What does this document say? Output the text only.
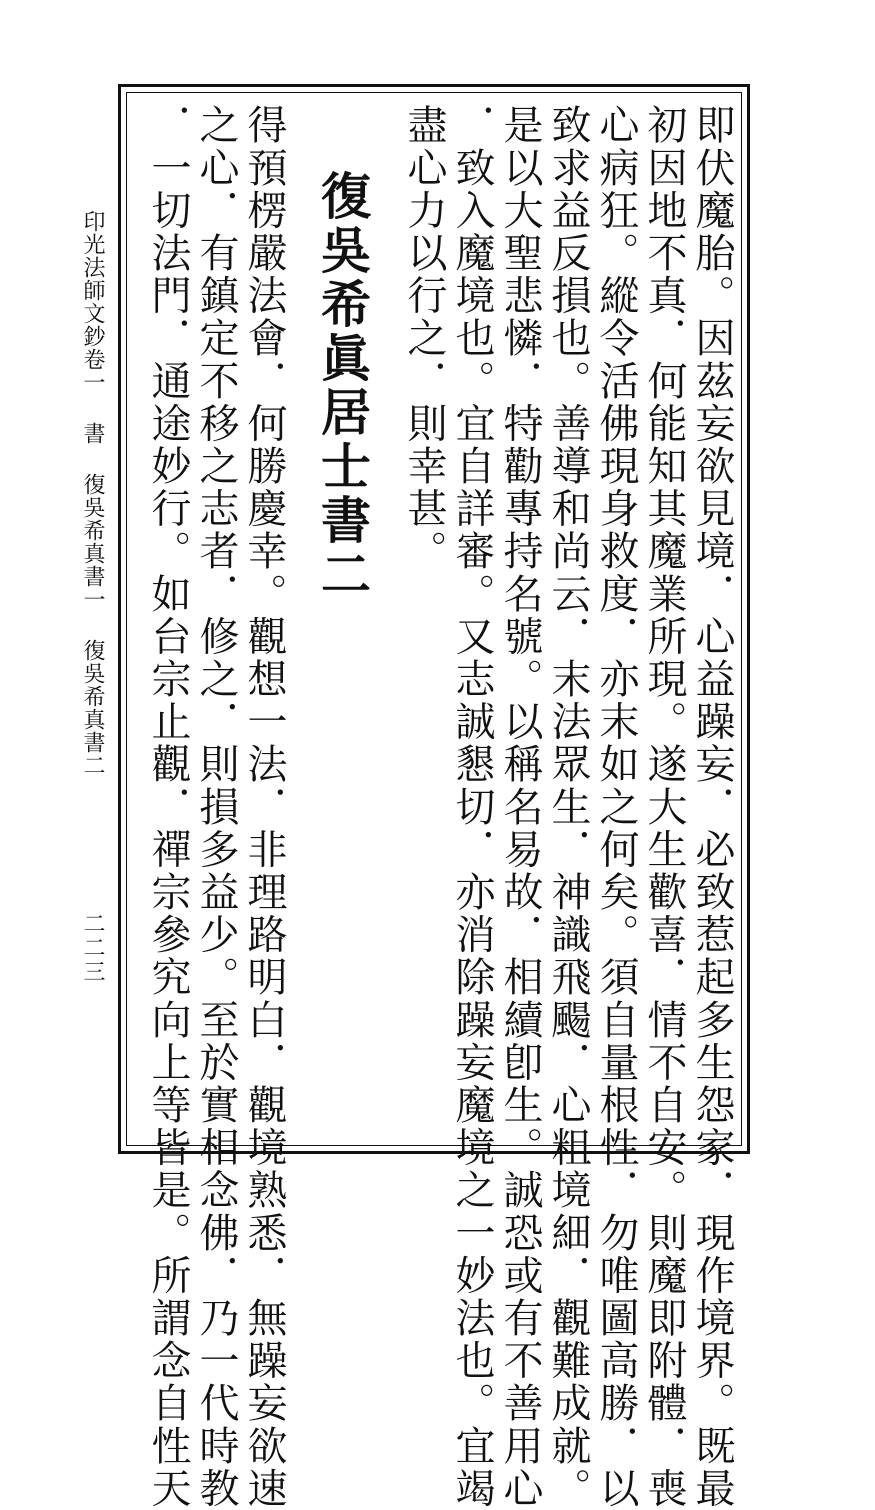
即伏魔胎。因茲妄欲見境．心益躁妄．必致惹起多生怨家．現作境界。既最
初因地不真．何能知其魔業所現。遂大生歡喜．情不自安。則魔即附體．喪
心病狂。縱令活佛現身救度．亦末如之何矣。須自量根性．勿唯圖高勝．以
致求益反損也。善導和尚云．末法眾生．神識飛颺．心粗境細．觀難成就。
是以大聖悲憐．特勸專持名號。以稱名易故．相續卽生。誠恐或有不善用心
．致入魔境也。宜自詳審。又志誠懇切．亦消除躁妄魔境之一妙法也。宜竭
盡心力以行之．則幸甚。
復吳希眞居士書二
得預楞嚴法會．何勝慶幸。觀想一法．非理路明白．觀境熟悉．無躁妄欲速
之心．有鎮定不移之志者．修之．則損多益少。至於實相念佛．乃一代時教
．一切法門．通途妙行。如台宗止觀．禪宗參究向上等皆是。所謂念自性天
印光法師文鈔卷一
書
復吳希真書一
復吳希真書二
二二三
